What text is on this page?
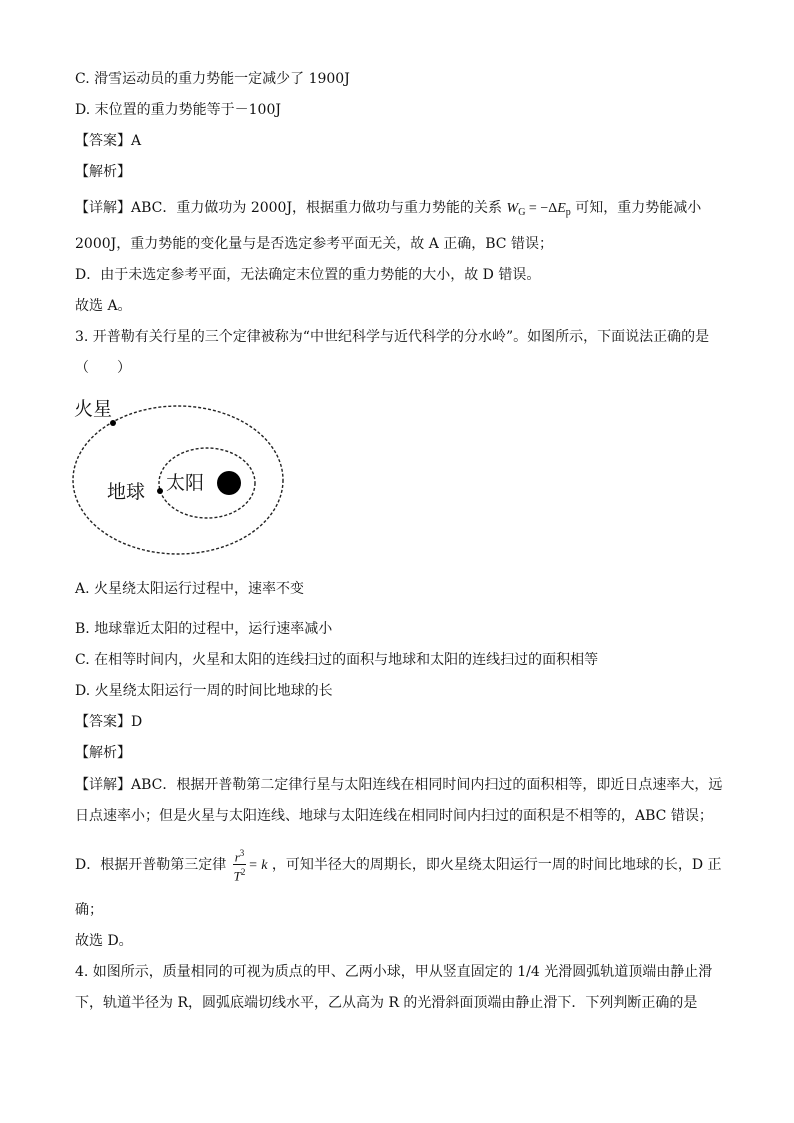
C. 滑雪运动员的重力势能一定减少了 1900J
D. 末位置的重力势能等于－100J
【答案】A
【解析】
【详解】ABC．重力做功为 2000J，根据重力做功与重力势能的关系 $W_G = -\Delta E_p$ 可知，重力势能减小
2000J，重力势能的变化量与是否选定参考平面无关，故 A 正确，BC 错误；
D．由于未选定参考平面，无法确定末位置的重力势能的大小，故 D 错误。
故选 A。
3. 开普勒有关行星的三个定律被称为“中世纪科学与近代科学的分水岭”。如图所示，下面说法正确的是
（　　）
火星
地球 太阳
A. 火星绕太阳运行过程中，速率不变
B. 地球靠近太阳的过程中，运行速率减小
C. 在相等时间内，火星和太阳的连线扫过的面积与地球和太阳的连线扫过的面积相等
D. 火星绕太阳运行一周的时间比地球的长
【答案】D
【解析】
【详解】ABC．根据开普勒第二定律行星与太阳连线在相同时间内扫过的面积相等，即近日点速率大，远
日点速率小；但是火星与太阳连线、地球与太阳连线在相同时间内扫过的面积是不相等的，ABC 错误；
D．根据开普勒第三定律 $\frac{r^3}{T^2} = k$ ，可知半径大的周期长，即火星绕太阳运行一周的时间比地球的长，D 正
确；
故选 D。
4. 如图所示，质量相同的可视为质点的甲、乙两小球，甲从竖直固定的 1/4 光滑圆弧轨道顶端由静止滑
下，轨道半径为 R，圆弧底端切线水平，乙从高为 R 的光滑斜面顶端由静止滑下．下列判断正确的是
